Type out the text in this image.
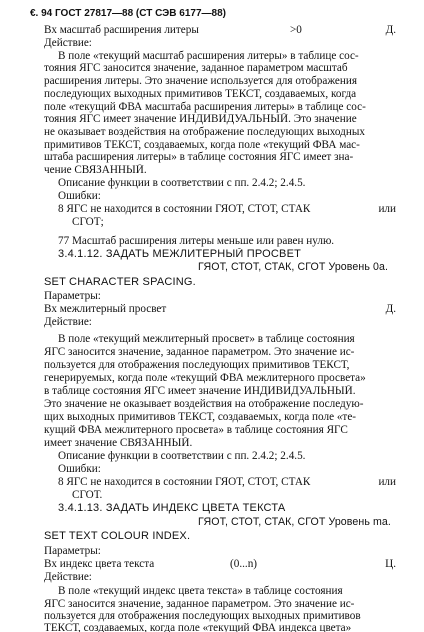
€. 94 ГОСТ 27817—88 (СТ СЭВ 6177—88)
Вх масштаб расширения литеры	>0	Д.
Действие:
В поле «текущий масштаб расширения литеры» в таблице сос-
тояния ЯГС заносится значение, заданное параметром масштаб
расширения литеры. Это значение используется для отображения
последующих выходных примитивов ТЕКСТ, создаваемых, когда
поле «текущий ФВА масштаба расширения литеры» в таблице сос-
тояния ЯГС имеет значение ИНДИВИДУАЛЬНЫЙ. Это значение
не оказывает воздействия на отображение последующих выходных
примитивов ТЕКСТ, создаваемых, когда поле «текущий ФВА мас-
штаба расширения литеры» в таблице состояния ЯГС имеет зна-
чение СВЯЗАННЫЙ.
Описание функции в соответствии с пп. 2.4.2; 2.4.5.
Ошибки:
8 ЯГС не находится в состоянии ГЯОТ, СТОТ, СТАК	или
СГОТ;
77 Масштаб расширения литеры меньше или равен нулю.
3.4.1.12. ЗАДАТЬ МЕЖЛИТЕРНЫЙ ПРОСВЕТ
ГЯОТ, СТОТ, СТАК, СГОТ Уровень 0а.
SET CHARACTER SPACING.
Параметры:
Вх межлитерный просвет	Д.
Действие:
В поле «текущий межлитерный просвет» в таблице состояния
ЯГС заносится значение, заданное параметром. Это значение ис-
пользуется для отображения последующих примитивов ТЕКСТ,
генерируемых, когда поле «текущий ФВА межлитерного просвета»
в таблице состояния ЯГС имеет значение ИНДИВИДУАЛЬНЫЙ.
Это значение не оказывает воздействия на отображение последую-
щих выходных примитивов ТЕКСТ, создаваемых, когда поле «те-
кущий ФВА межлитерного просвета» в таблице состояния ЯГС
имеет значение СВЯЗАННЫЙ.
Описание функции в соответствии с пп. 2.4.2; 2.4.5.
Ошибки:
8 ЯГС не находится в состоянии ГЯОТ, СТОТ, СТАК	или
СГОТ.
3.4.1.13. ЗАДАТЬ ИНДЕКС ЦВЕТА ТЕКСТА
ГЯОТ, СТОТ, СТАК, СГОТ Уровень mа.
SET TEXT COLOUR INDEX.
Параметры:
Вх индекс цвета текста	(0...n)	Ц.
Действие:
В поле «текущий индекс цвета текста» в таблице состояния
ЯГС заносится значение, заданное параметром. Это значение ис-
пользуется для отображения последующих выходных примитивов
ТЕКСТ, создаваемых, когда поле «текущий ФВА индекса цвета»
